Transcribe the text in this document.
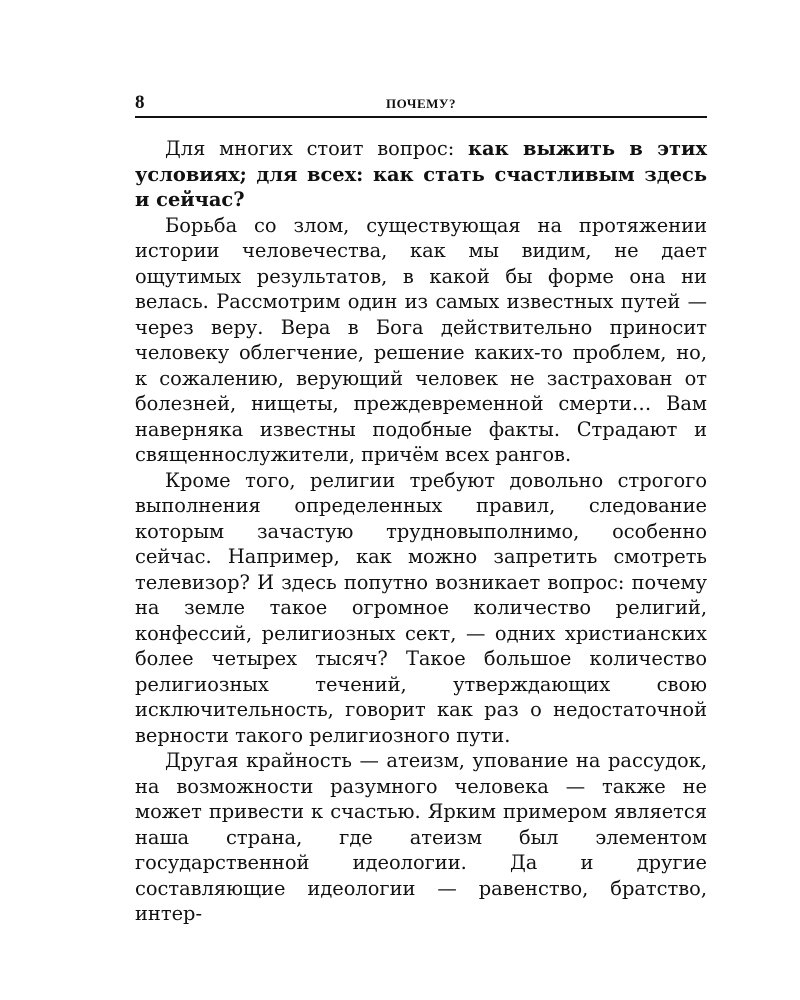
8	ПОЧЕМУ?

Для многих стоит вопрос: как выжить в этих условиях; для всех: как стать счастливым здесь и сейчас?

Борьба со злом, существующая на протяжении истории человечества, как мы видим, не дает ощутимых результатов, в какой бы форме она ни велась. Рассмотрим один из самых известных путей — через веру. Вера в Бога действительно приносит человеку облегчение, решение каких-то проблем, но, к сожалению, верующий человек не застрахован от болезней, нищеты, преждевременной смерти… Вам наверняка известны подобные факты. Страдают и священнослужители, причём всех рангов.

Кроме того, религии требуют довольно строгого выполнения определенных правил, следование которым зачастую трудновыполнимо, особенно сейчас. Например, как можно запретить смотреть телевизор? И здесь попутно возникает вопрос: почему на земле такое огромное количество религий, конфессий, религиозных сект, — одних христианских более четырех тысяч? Такое большое количество религиозных течений, утверждающих свою исключительность, говорит как раз о недостаточной верности такого религиозного пути.

Другая крайность — атеизм, упование на рассудок, на возможности разумного человека — также не может привести к счастью. Ярким примером является наша страна, где атеизм был элементом государственной идеологии. Да и другие составляющие идеологии — равенство, братство, интер-
